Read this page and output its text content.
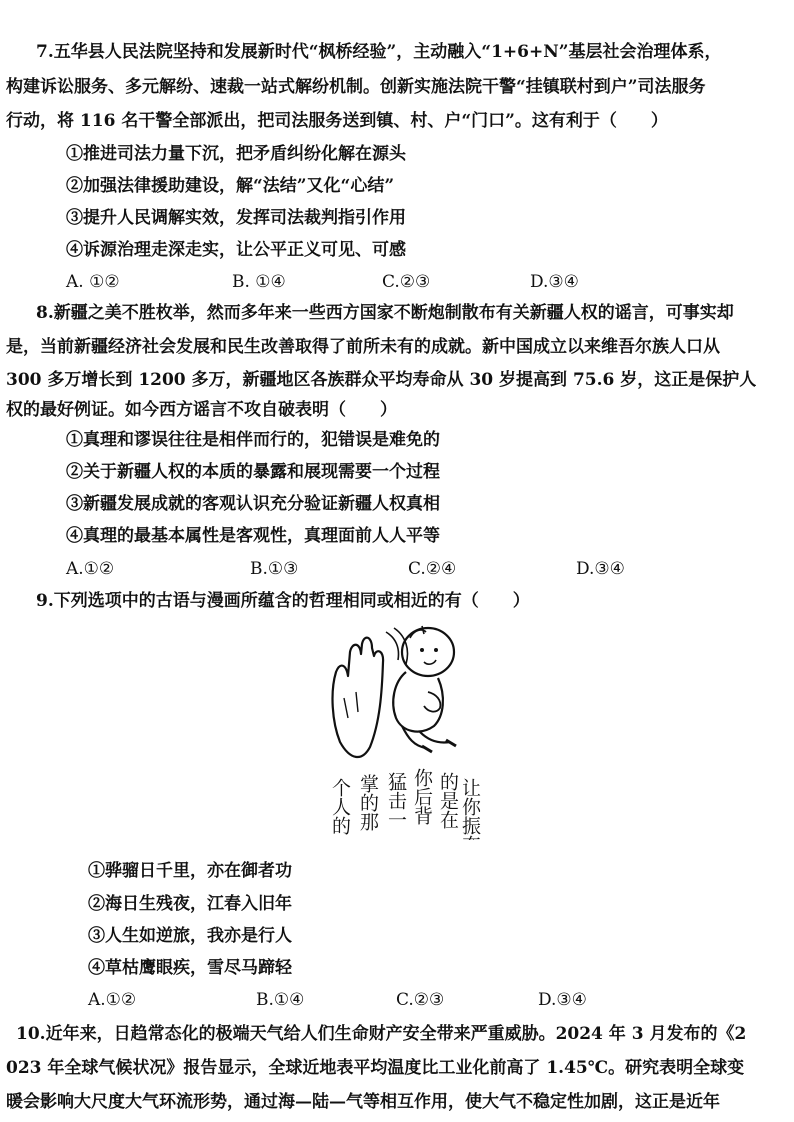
7.五华县人民法院坚持和发展新时代“枫桥经验”，主动融入“1+6+N”基层社会治理体系，
构建诉讼服务、多元解纷、速裁一站式解纷机制。创新实施法院干警“挂镇联村到户”司法服务
行动，将 116 名干警全部派出，把司法服务送到镇、村、户“门口”。这有利于（　　）
①推进司法力量下沉，把矛盾纠纷化解在源头
②加强法律援助建设，解“法结”又化“心结”
③提升人民调解实效，发挥司法裁判指引作用
④诉源治理走深走实，让公平正义可见、可感
A. ①②	B. ①④	C.②③	D.③④
8.新疆之美不胜枚举，然而多年来一些西方国家不断炮制散布有关新疆人权的谣言，可事实却
是，当前新疆经济社会发展和民生改善取得了前所未有的成就。新中国成立以来维吾尔族人口从
300 多万增长到 1200 多万，新疆地区各族群众平均寿命从 30 岁提高到 75.6 岁，这正是保护人
权的最好例证。如今西方谣言不攻自破表明（　　）
①真理和谬误往往是相伴而行的，犯错误是难免的
②关于新疆人权的本质的暴露和展现需要一个过程
③新疆发展成就的客观认识充分验证新疆人权真相
④真理的最基本属性是客观性，真理面前人人平等
A.①②	B.①③	C.②④	D.③④
9.下列选项中的古语与漫画所蕴含的哲理相同或相近的有（　　）
让你振奋
的是在
你后背
猛击一
掌的那
个人的
①骅骝日千里，亦在御者功
②海日生残夜，江春入旧年
③人生如逆旅，我亦是行人
④草枯鹰眼疾，雪尽马蹄轻
A.①②	B.①④	C.②③	D.③④
10.近年来，日趋常态化的极端天气给人们生命财产安全带来严重威胁。2024 年 3 月发布的《2
023 年全球气候状况》报告显示，全球近地表平均温度比工业化前高了 1.45℃。研究表明全球变
暖会影响大尺度大气环流形势，通过海—陆—气等相互作用，使大气不稳定性加剧，这正是近年
